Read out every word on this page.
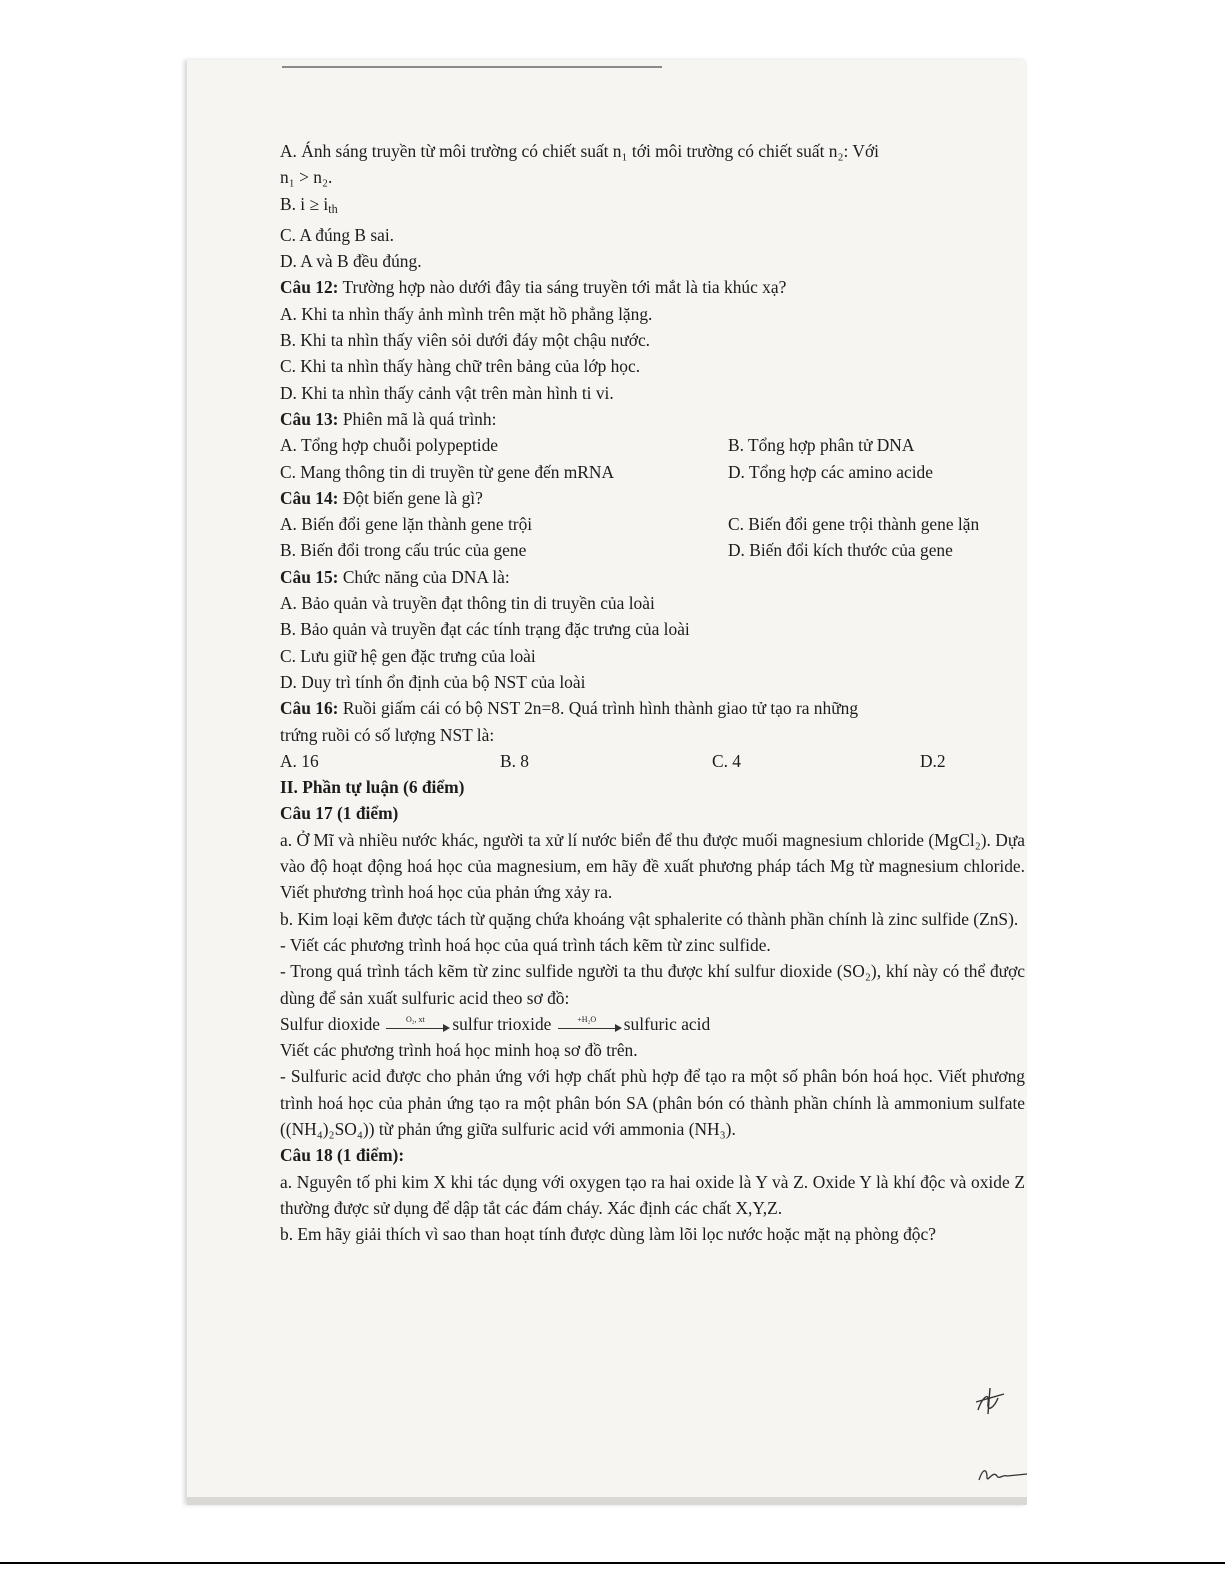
A. Ánh sáng truyền từ môi trường có chiết suất n₁ tới môi trường có chiết suất n₂: Với
n₁ > n₂.
B. $i \ge i_{th}$
C. A đúng B sai.
D. A và B đều đúng.
Câu 12: Trường hợp nào dưới đây tia sáng truyền tới mắt là tia khúc xạ?
A. Khi ta nhìn thấy ảnh mình trên mặt hồ phẳng lặng.
B. Khi ta nhìn thấy viên sỏi dưới đáy một chậu nước.
C. Khi ta nhìn thấy hàng chữ trên bảng của lớp học.
D. Khi ta nhìn thấy cảnh vật trên màn hình ti vi.
Câu 13: Phiên mã là quá trình:
A. Tổng hợp chuỗi polypeptide	B. Tổng hợp phân tử DNA
C. Mang thông tin di truyền từ gene đến mRNA	D. Tổng hợp các amino acide
Câu 14: Đột biến gene là gì?
A. Biến đổi gene lặn thành gene trội	C. Biến đổi gene trội thành gene lặn
B. Biến đổi trong cấu trúc của gene	D. Biến đổi kích thước của gene
Câu 15: Chức năng của DNA là:
A. Bảo quản và truyền đạt thông tin di truyền của loài
B. Bảo quản và truyền đạt các tính trạng đặc trưng của loài
C. Lưu giữ hệ gen đặc trưng của loài
D. Duy trì tính ổn định của bộ NST của loài
Câu 16: Ruồi giấm cái có bộ NST 2n=8. Quá trình hình thành giao tử tạo ra những
trứng ruồi có số lượng NST là:
A. 16	B. 8	C. 4	D.2
II. Phần tự luận (6 điểm)
Câu 17 (1 điểm)
a. Ở Mĩ và nhiều nước khác, người ta xử lí nước biển để thu được muối magnesium chloride (MgCl₂). Dựa vào độ hoạt động hoá học của magnesium, em hãy đề xuất phương pháp tách Mg từ magnesium chloride. Viết phương trình hoá học của phản ứng xảy ra.
b. Kim loại kẽm được tách từ quặng chứa khoáng vật sphalerite có thành phần chính là zinc sulfide (ZnS).
- Viết các phương trình hoá học của quá trình tách kẽm từ zinc sulfide.
- Trong quá trình tách kẽm từ zinc sulfide người ta thu được khí sulfur dioxide (SO₂), khí này có thể được dùng để sản xuất sulfuric acid theo sơ đồ:
Sulfur dioxide	O₂, xt	sulfur trioxide	+H₂O	sulfuric acid
Viết các phương trình hoá học minh hoạ sơ đồ trên.
- Sulfuric acid được cho phản ứng với hợp chất phù hợp để tạo ra một số phân bón hoá học. Viết phương trình hoá học của phản ứng tạo ra một phân bón SA (phân bón có thành phần chính là ammonium sulfate ((NH₄)₂SO₄)) từ phản ứng giữa sulfuric acid với ammonia (NH₃).
Câu 18 (1 điểm):
a. Nguyên tố phi kim X khi tác dụng với oxygen tạo ra hai oxide là Y và Z. Oxide Y là khí độc và oxide Z thường được sử dụng để dập tắt các đám cháy. Xác định các chất X,Y,Z.
b. Em hãy giải thích vì sao than hoạt tính được dùng làm lõi lọc nước hoặc mặt nạ phòng độc?
